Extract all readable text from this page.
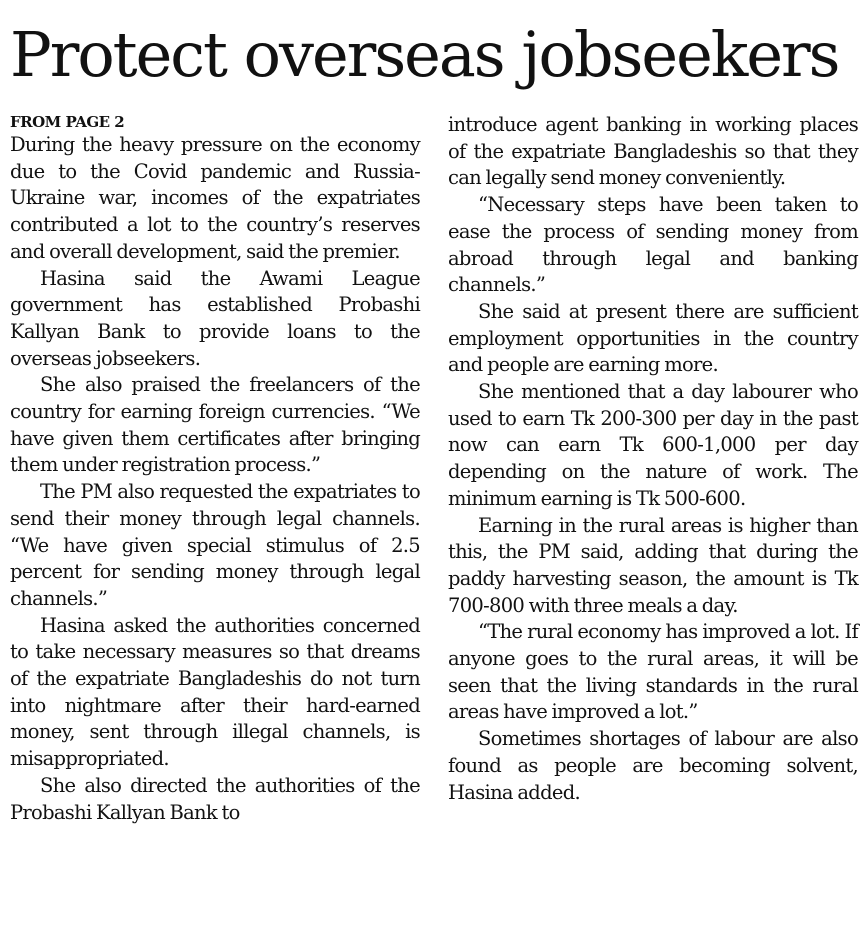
Protect overseas jobseekers

FROM PAGE 2

During the heavy pressure on the economy due to the Covid pandemic and Russia-Ukraine war, incomes of the expatriates contributed a lot to the country’s reserves and overall development, said the premier.

Hasina said the Awami League government has established Probashi Kallyan Bank to provide loans to the overseas jobseekers.

She also praised the freelancers of the country for earning foreign currencies. “We have given them certificates after bringing them under registration process.”

The PM also requested the expatriates to send their money through legal channels. “We have given special stimulus of 2.5 percent for sending money through legal channels.”

Hasina asked the authorities concerned to take necessary measures so that dreams of the expatriate Bangladeshis do not turn into nightmare after their hard-earned money, sent through illegal channels, is misappropriated.

She also directed the authorities of the Probashi Kallyan Bank to

introduce agent banking in working places of the expatriate Bangladeshis so that they can legally send money conveniently.

“Necessary steps have been taken to ease the process of sending money from abroad through legal and banking channels.”

She said at present there are sufficient employment opportunities in the country and people are earning more.

She mentioned that a day labourer who used to earn Tk 200-300 per day in the past now can earn Tk 600-1,000 per day depending on the nature of work. The minimum earning is Tk 500-600.

Earning in the rural areas is higher than this, the PM said, adding that during the paddy harvesting season, the amount is Tk 700-800 with three meals a day.

“The rural economy has improved a lot. If anyone goes to the rural areas, it will be seen that the living standards in the rural areas have improved a lot.”

Sometimes shortages of labour are also found as people are becoming solvent, Hasina added.
